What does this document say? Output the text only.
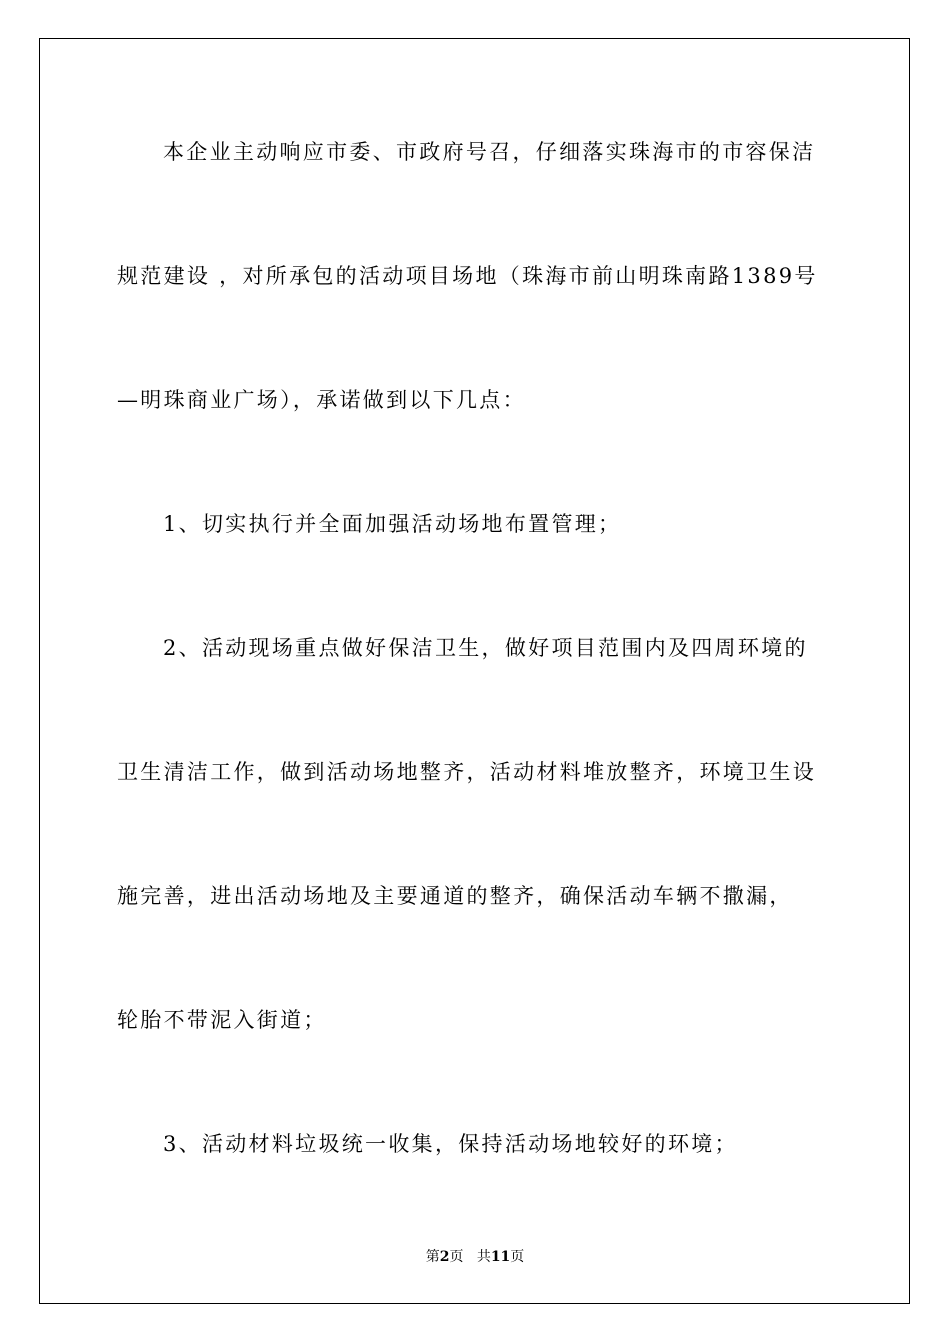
本企业主动响应市委、市政府号召，仔细落实珠海市的市容保洁
规范建设 ，对所承包的活动项目场地（珠海市前山明珠南路1389号
—明珠商业广场），承诺做到以下几点：
1、切实执行并全面加强活动场地布置管理；
2、活动现场重点做好保洁卫生，做好项目范围内及四周环境的
卫生清洁工作，做到活动场地整齐，活动材料堆放整齐，环境卫生设
施完善，进出活动场地及主要通道的整齐，确保活动车辆不撒漏，
轮胎不带泥入街道；
3、活动材料垃圾统一收集，保持活动场地较好的环境；
第2页 共11页
